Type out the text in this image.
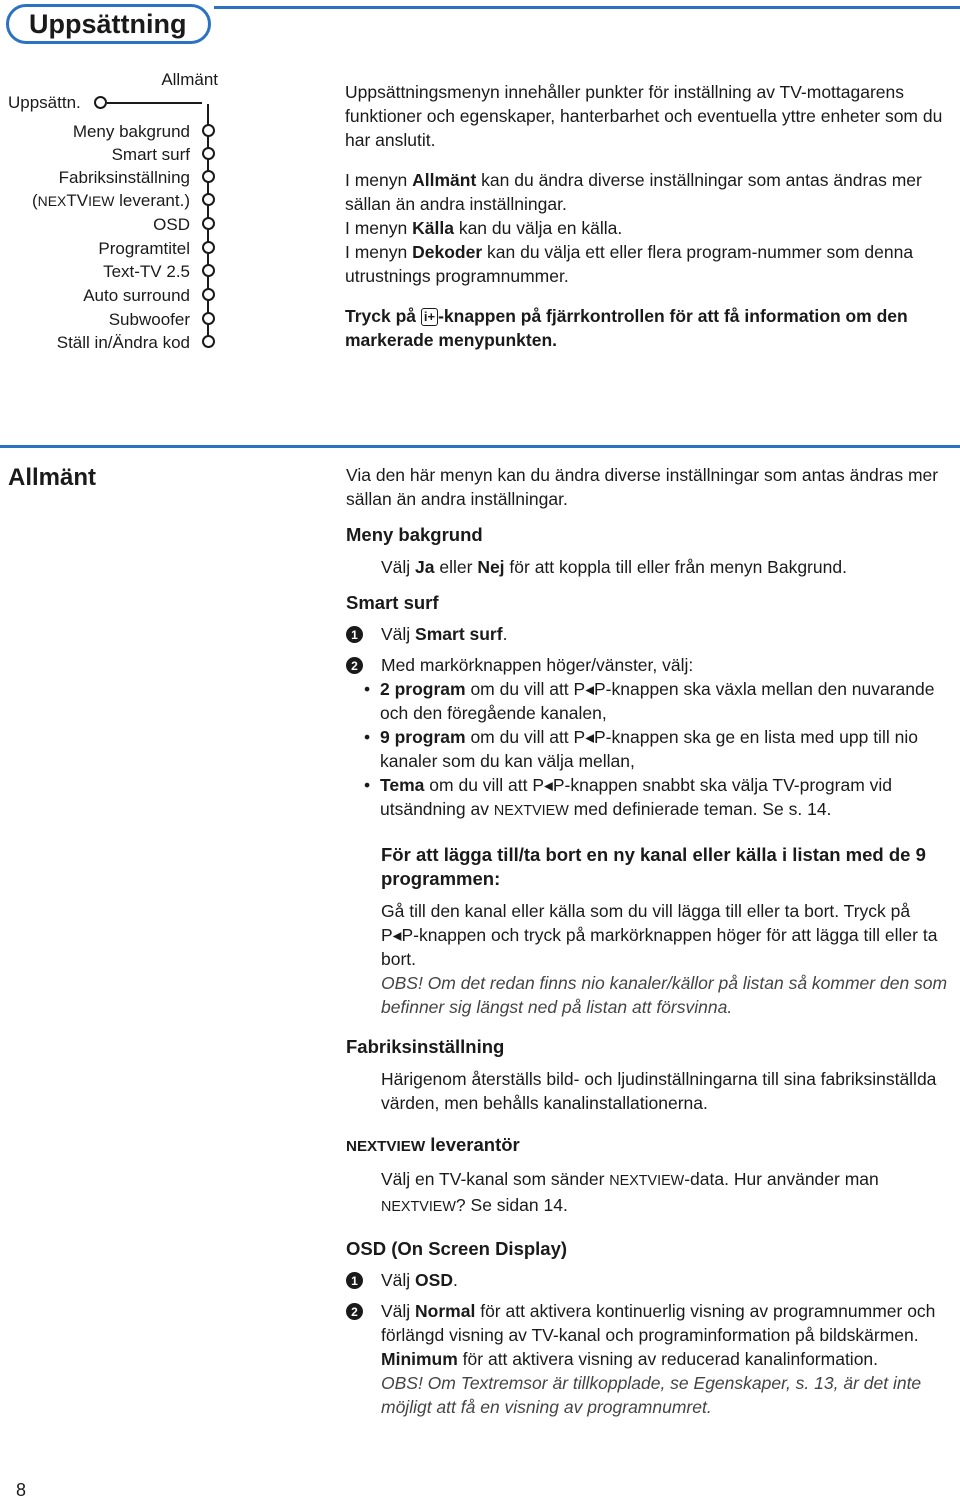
Uppsättning
Allmänt
Uppsättn.
Meny bakgrund
Smart surf
Fabriksinställning
(NEXTVIEW leverant.)
OSD
Programtitel
Text-TV 2.5
Auto surround
Subwoofer
Ställ in/Ändra kod

Uppsättningsmenyn innehåller punkter för inställning av TV-mottagarens funktioner och egenskaper, hanterbarhet och eventuella yttre enheter som du har anslutit.

I menyn Allmänt kan du ändra diverse inställningar som antas ändras mer sällan än andra inställningar.

I menyn Källa kan du välja en källa.

I menyn Dekoder kan du välja ett eller flera program-nummer som denna utrustnings programnummer.

Tryck på i+ -knappen på fjärrkontrollen för att få information om den markerade menypunkten.

Allmänt	Via den här menyn kan du ändra diverse inställningar som antas ändras mer sällan än andra inställningar.
Meny bakgrund
Välj Ja eller Nej för att koppla till eller från menyn Bakgrund.
Smart surf
1 Välj Smart surf.
2 Med markörknappen höger/vänster, välj:
• 2 program om du vill att P◂P-knappen ska växla mellan den nuvarande och den föregående kanalen,
• 9 program om du vill att P◂P-knappen ska ge en lista med upp till nio kanaler som du kan välja mellan,
• Tema om du vill att P◂P-knappen snabbt ska välja TV-program vid utsändning av NEXTVIEW med definierade teman. Se s. 14.
För att lägga till/ta bort en ny kanal eller källa i listan med de 9 programmen:
Gå till den kanal eller källa som du vill lägga till eller ta bort. Tryck på P◂P-knappen och tryck på markörknappen höger för att lägga till eller ta bort.
OBS! Om det redan finns nio kanaler/källor på listan så kommer den som befinner sig längst ned på listan att försvinna.
Fabriksinställning
Härigenom återställs bild- och ljudinställningarna till sina fabriksinställda värden, men behålls kanalinstallationerna.
NEXTVIEW leverantör
Välj en TV-kanal som sänder NEXTVIEW-data. Hur använder man NEXTVIEW? Se sidan 14.
OSD (On Screen Display)
1 Välj OSD.
2 Välj Normal för att aktivera kontinuerlig visning av programnummer och förlängd visning av TV-kanal och programinformation på bildskärmen. Minimum för att aktivera visning av reducerad kanalinformation.
OBS! Om Textremsor är tillkopplade, se Egenskaper, s. 13, är det inte möjligt att få en visning av programnumret.
8
